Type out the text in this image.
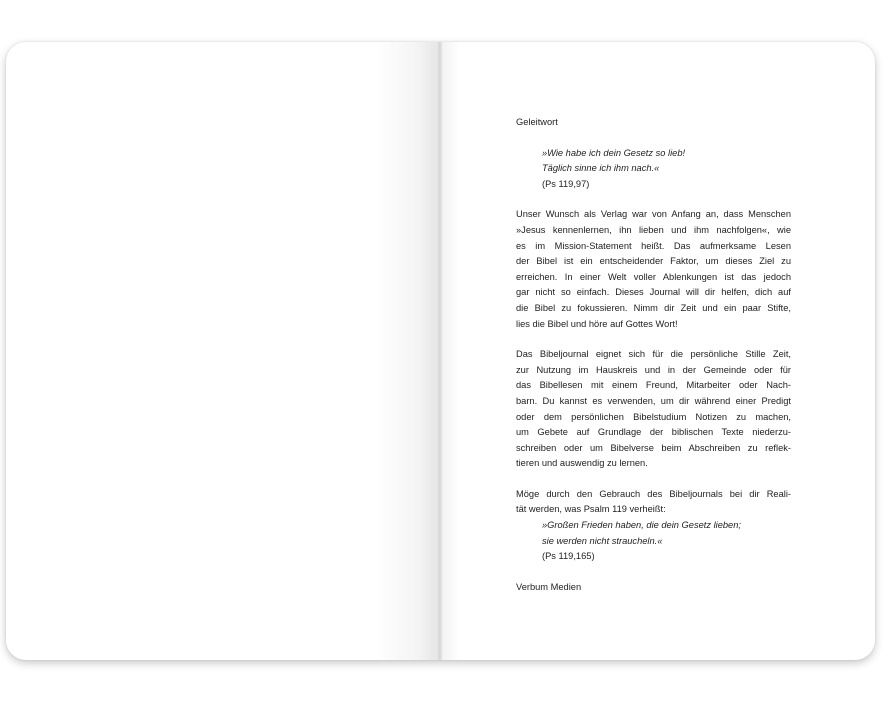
Geleitwort
»Wie habe ich dein Gesetz so lieb!
Täglich sinne ich ihm nach.«
(Ps 119,97)
Unser Wunsch als Verlag war von Anfang an, dass Menschen
»Jesus kennenlernen, ihn lieben und ihm nachfolgen«, wie
es im Mission-Statement heißt. Das aufmerksame Lesen
der Bibel ist ein entscheidender Faktor, um dieses Ziel zu
erreichen. In einer Welt voller Ablenkungen ist das jedoch
gar nicht so einfach. Dieses Journal will dir helfen, dich auf
die Bibel zu fokussieren. Nimm dir Zeit und ein paar Stifte,
lies die Bibel und höre auf Gottes Wort!
Das Bibeljournal eignet sich für die persönliche Stille Zeit,
zur Nutzung im Hauskreis und in der Gemeinde oder für
das Bibellesen mit einem Freund, Mitarbeiter oder Nach-
barn. Du kannst es verwenden, um dir während einer Predigt
oder dem persönlichen Bibelstudium Notizen zu machen,
um Gebete auf Grundlage der biblischen Texte niederzu-
schreiben oder um Bibelverse beim Abschreiben zu reflek-
tieren und auswendig zu lernen.
Möge durch den Gebrauch des Bibeljournals bei dir Reali-
tät werden, was Psalm 119 verheißt:
»Großen Frieden haben, die dein Gesetz lieben;
sie werden nicht straucheln.«
(Ps 119,165)
Verbum Medien
